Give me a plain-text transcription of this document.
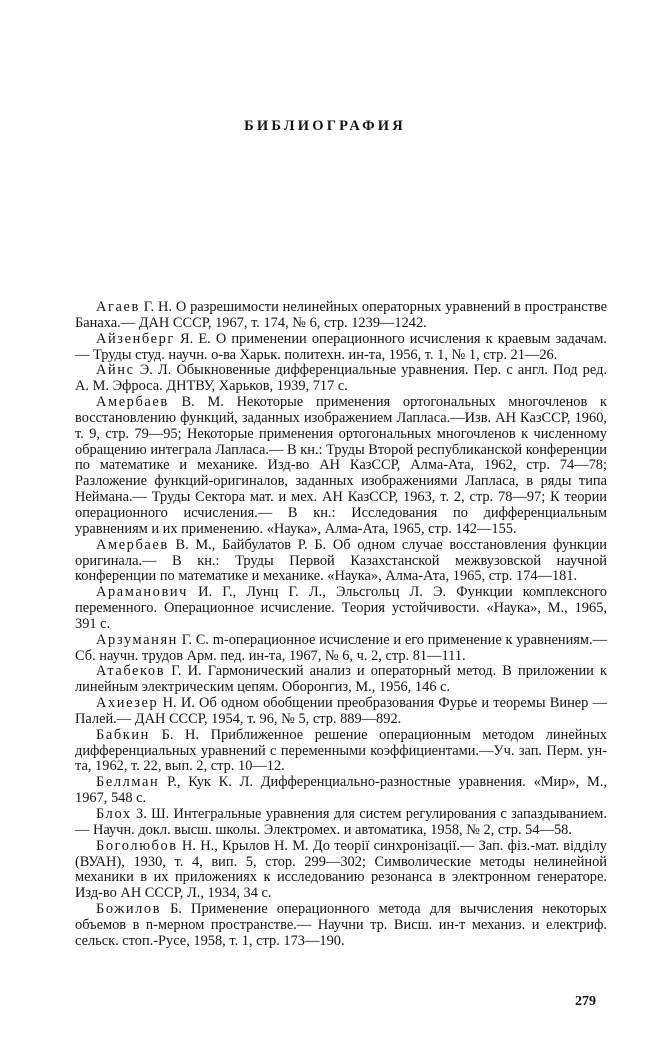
БИБЛИОГРАФИЯ

Агаев Г. Н. О разрешимости нелинейных операторных уравнений в пространстве Банаха.— ДАН СССР, 1967, т. 174, № 6, стр. 1239—1242.

Айзенберг Я. Е. О применении операционного исчисления к краевым задачам.— Труды студ. научн. о-ва Харьк. политехн. ин-та, 1956, т. 1, № 1, стр. 21—26.

Айнс Э. Л. Обыкновенные дифференциальные уравнения. Пер. с англ. Под ред. А. М. Эфроса. ДНТВУ, Харьков, 1939, 717 с.

Амербаев В. М. Некоторые применения ортогональных многочленов к восстановлению функций, заданных изображением Лапласа.—Изв. АН КазССР, 1960, т. 9, стр. 79—95; Некоторые применения ортогональных многочленов к численному обращению интеграла Лапласа.— В кн.: Труды Второй республиканской конференции по математике и механике. Изд-во АН КазССР, Алма-Ата, 1962, стр. 74—78; Разложение функций-оригиналов, заданных изображениями Лапласа, в ряды типа Неймана.— Труды Сектора мат. и мех. АН КазССР, 1963, т. 2, стр. 78—97; К теории операционного исчисления.— В кн.: Исследования по дифференциальным уравнениям и их применению. «Наука», Алма-Ата, 1965, стр. 142—155.

Амербаев В. М., Байбулатов Р. Б. Об одном случае восстановления функции оригинала.— В кн.: Труды Первой Казахстанской межвузовской научной конференции по математике и механике. «Наука», Алма-Ата, 1965, стр. 174—181.

Араманович И. Г., Лунц Г. Л., Эльсгольц Л. Э. Функции комплексного переменного. Операционное исчисление. Теория устойчивости. «Наука», М., 1965, 391 с.

Арзуманян Г. С. m-операционное исчисление и его применение к уравнениям.— Сб. научн. трудов Арм. пед. ин-та, 1967, № 6, ч. 2, стр. 81—111.

Атабеков Г. И. Гармонический анализ и операторный метод. В приложении к линейным электрическим цепям. Оборонгиз, М., 1956, 146 с.

Ахиезер Н. И. Об одном обобщении преобразования Фурье и теоремы Винер — Палей.— ДАН СССР, 1954, т. 96, № 5, стр. 889—892.

Бабкин Б. Н. Приближенное решение операционным методом линейных дифференциальных уравнений с переменными коэффициентами.—Уч. зап. Перм. ун-та, 1962, т. 22, вып. 2, стр. 10—12.

Беллман Р., Кук К. Л. Дифференциально-разностные уравнения. «Мир», М., 1967, 548 с.

Блох З. Ш. Интегральные уравнения для систем регулирования с запаздыванием.— Научн. докл. высш. школы. Электромех. и автоматика, 1958, № 2, стр. 54—58.

Боголюбов Н. Н., Крылов Н. М. До теорії синхронізації.— Зап. фіз.-мат. відділу (ВУАН), 1930, т. 4, вип. 5, стор. 299—302; Символические методы нелинейной механики в их приложениях к исследованию резонанса в электронном генераторе. Изд-во АН СССР, Л., 1934, 34 с.

Божилов Б. Применение операционного метода для вычисления некоторых объемов в n-мерном пространстве.— Научни тр. Висш. ин-т механиз. и електриф. сельск. стоп.-Русе, 1958, т. 1, стр. 173—190.

279
